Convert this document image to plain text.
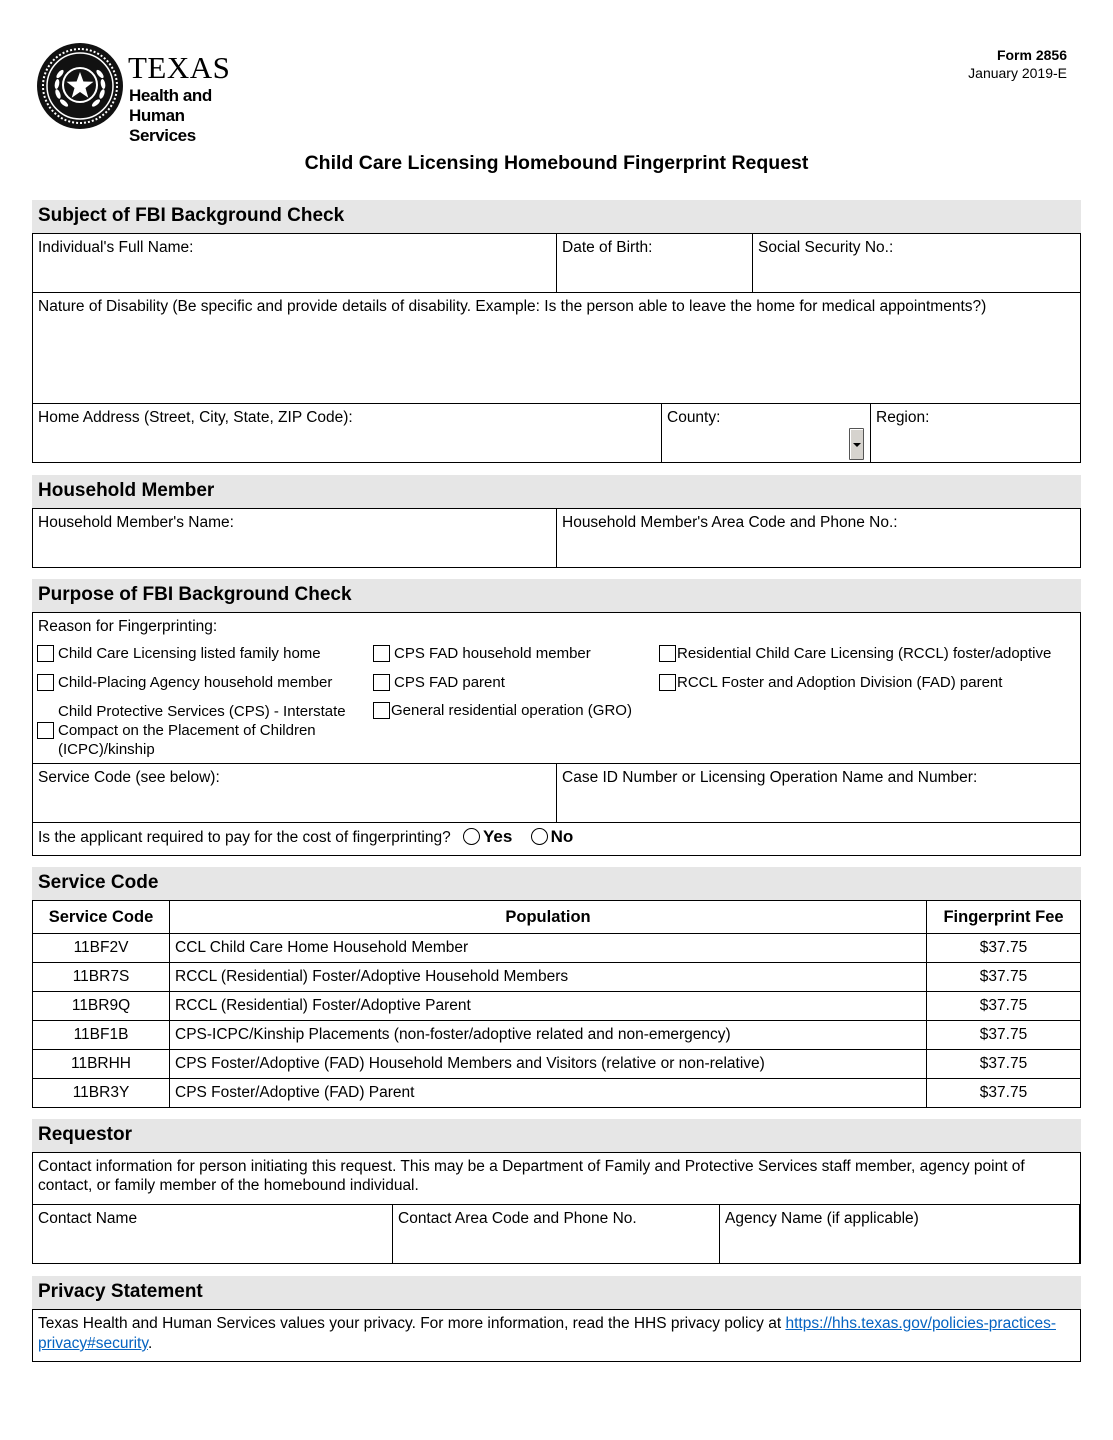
TEXAS
Health and Human
Services
Form 2856
January 2019-E
Child Care Licensing Homebound Fingerprint Request
Subject of FBI Background Check
Individual's Full Name:	Date of Birth:	Social Security No.:
Nature of Disability (Be specific and provide details of disability. Example: Is the person able to leave the home for medical appointments?)
Home Address (Street, City, State, ZIP Code):	County:	Region:
Household Member
Household Member's Name:	Household Member's Area Code and Phone No.:
Purpose of FBI Background Check
Reason for Fingerprinting:
Child Care Licensing listed family home
Child-Placing Agency household member
Child Protective Services (CPS) - Interstate
Compact on the Placement of Children
(ICPC)/kinship
CPS FAD household member
CPS FAD parent
General residential operation (GRO)
Residential Child Care Licensing (RCCL) foster/adoptive
RCCL Foster and Adoption Division (FAD) parent
Service Code (see below):	Case ID Number or Licensing Operation Name and Number:
Is the applicant required to pay for the cost of fingerprinting? Yes No
Service Code
Service Code	Population	Fingerprint Fee
11BF2V	CCL Child Care Home Household Member	$37.75
11BR7S	RCCL (Residential) Foster/Adoptive Household Members	$37.75
11BR9Q	RCCL (Residential) Foster/Adoptive Parent	$37.75
11BF1B	CPS-ICPC/Kinship Placements (non-foster/adoptive related and non-emergency)	$37.75
11BRHH	CPS Foster/Adoptive (FAD) Household Members and Visitors (relative or non-relative)	$37.75
11BR3Y	CPS Foster/Adoptive (FAD) Parent	$37.75
Requestor
Contact information for person initiating this request. This may be a Department of Family and Protective Services staff member, agency point of contact, or family member of the homebound individual.
Contact Name	Contact Area Code and Phone No.	Agency Name (if applicable)
Privacy Statement
Texas Health and Human Services values your privacy. For more information, read the HHS privacy policy at https://hhs.texas.gov/policies-practices-privacy#security.
